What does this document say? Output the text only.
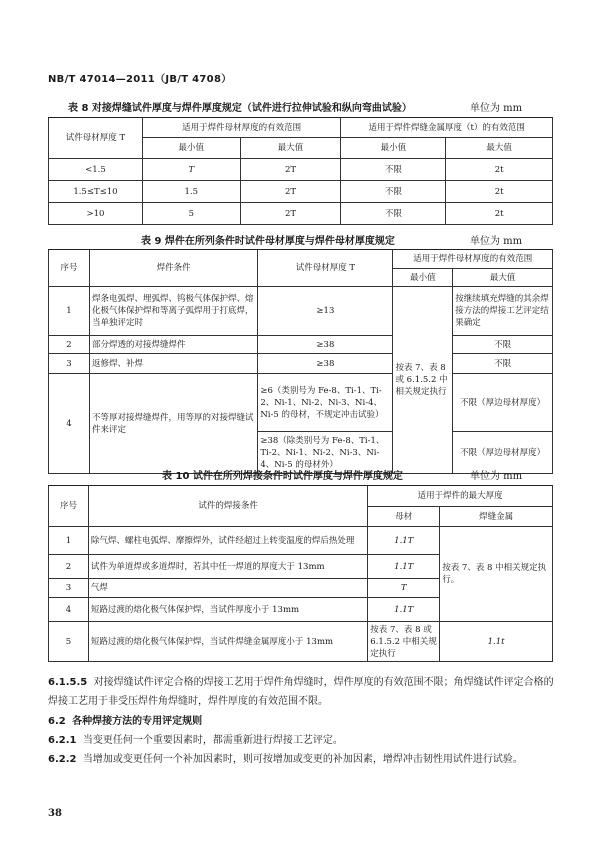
NB/T 47014—2011（JB/T 4708）
表 8 对接焊缝试件厚度与焊件厚度规定（试件进行拉伸试验和纵向弯曲试验）	单位为 mm
试件母材厚度 T	适用于焊件母材厚度的有效范围		适用于焊件焊缝金属厚度（t）的有效范围	
	最小值	最大值	最小值	最大值
<1.5	T	2T	不限	2t
1.5≤T≤10	1.5	2T	不限	2t
>10	5	2T	不限	2t
表 9 焊件在所列条件时试件母材厚度与焊件母材厚度规定	单位为 mm
序号	焊件条件	试件母材厚度 T	适用于焊件母材厚度的有效范围	
			最小值	最大值
1	焊条电弧焊、埋弧焊、钨极气体保护焊、熔化极气体保护焊和等离子弧焊用于打底焊，当单独评定时	≥13	按表 7、表 8 或 6.1.5.2 中相关规定执行	按继续填充焊缝的其余焊接方法的焊接工艺评定结果确定
2	部分焊透的对接焊缝焊件	≥38		不限
3	返修焊、补焊	≥38		不限
4	不等厚对接焊缝焊件，用等厚的对接焊缝试件来评定	≥6（类别号为 Fe-8、Ti-1、Ti-2、Ni-1、Ni-2、Ni-3、Ni-4、Ni-5 的母材，不规定冲击试验）		不限（厚边母材厚度）

		≥38（除类别号为 Fe-8、Ti-1、Ti-2、Ni-1、Ni-2、Ni-3、Ni-4、Ni-5 的母材外）		不限（厚边母材厚度）
表 10 试件在所列焊接条件时试件厚度与焊件厚度规定	单位为 mm
序号	试件的焊接条件	适用于焊件的最大厚度	
		母材	焊缝金属
1	除气焊、螺柱电弧焊、摩擦焊外，试件经超过上转变温度的焊后热处理	1.1T	按表 7、表 8 中相关规定执行。
2	试件为单道焊或多道焊时，若其中任一焊道的厚度大于 13mm	1.1T	
3	气焊	T	
4	短路过渡的熔化极气体保护焊，当试件厚度小于 13mm	1.1T	
5	短路过渡的熔化极气体保护焊，当试件焊缝金属厚度小于 13mm	按表 7、表 8 或 6.1.5.2 中相关规定执行	1.1t
6.1.5.5 对接焊缝试件评定合格的焊接工艺用于焊件角焊缝时，焊件厚度的有效范围不限；角焊缝试件评定合格的焊接工艺用于非受压焊件角焊缝时，焊件厚度的有效范围不限。
6.2 各种焊接方法的专用评定规则
6.2.1 当变更任何一个重要因素时，都需重新进行焊接工艺评定。
6.2.2 当增加或变更任何一个补加因素时，则可按增加或变更的补加因素，增焊冲击韧性用试件进行试验。
38
